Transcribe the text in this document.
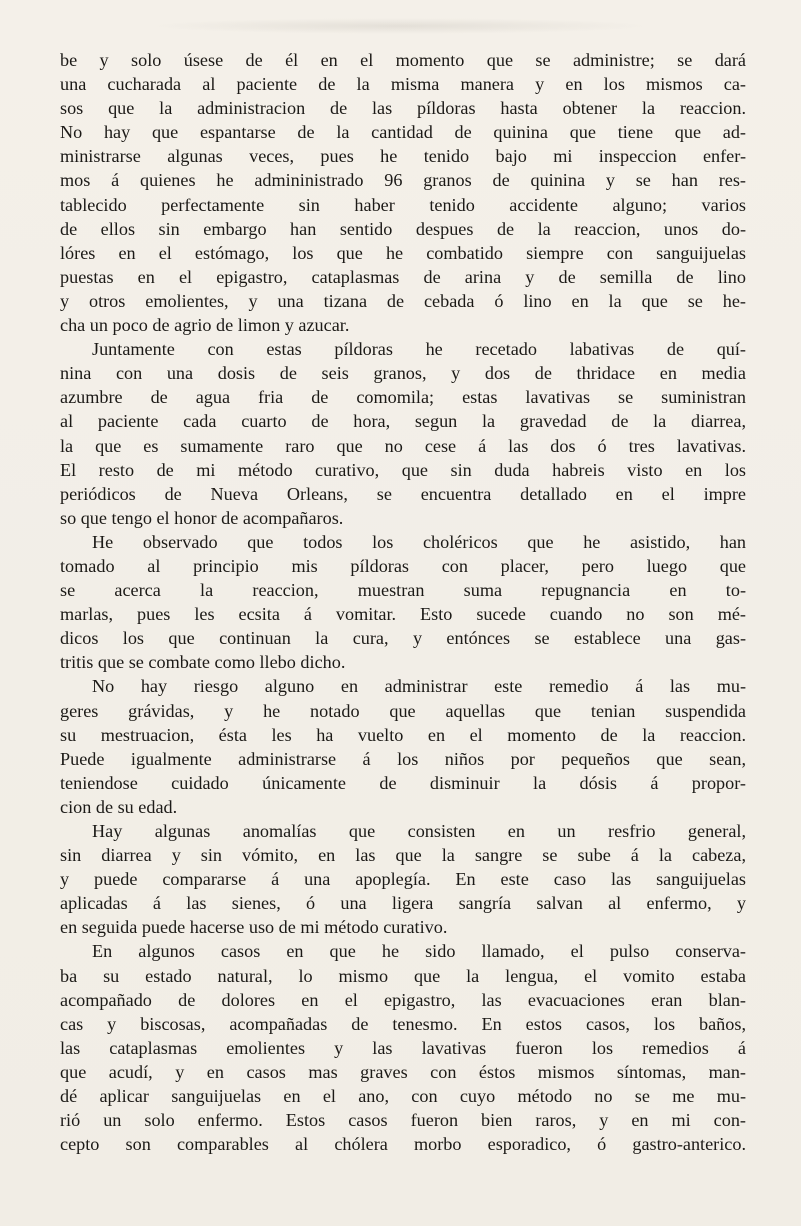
be y solo úsese de él en el momento que se administre; se dará
una cucharada al paciente de la misma manera y en los mismos ca-
sos que la administracion de las píldoras hasta obtener la reaccion.
No hay que espantarse de la cantidad de quinina que tiene que ad-
ministrarse algunas veces, pues he tenido bajo mi inspeccion enfer-
mos á quienes he admininistrado 96 granos de quinina y se han res-
tablecido perfectamente sin haber tenido accidente alguno; varios
de ellos sin embargo han sentido despues de la reaccion, unos do-
lóres en el estómago, los que he combatido siempre con sanguijuelas
puestas en el epigastro, cataplasmas de arina y de semilla de lino
y otros emolientes, y una tizana de cebada ó lino en la que se he-
cha un poco de agrio de limon y azucar.
Juntamente con estas píldoras he recetado labativas de quí-
nina con una dosis de seis granos, y dos de thridace en media
azumbre de agua fria de comomila; estas lavativas se suministran
al paciente cada cuarto de hora, segun la gravedad de la diarrea,
la que es sumamente raro que no cese á las dos ó tres lavativas.
El resto de mi método curativo, que sin duda habreis visto en los
periódicos de Nueva Orleans, se encuentra detallado en el impre
so que tengo el honor de acompañaros.
He observado que todos los choléricos que he asistido, han
tomado al principio mis píldoras con placer, pero luego que
se acerca la reaccion, muestran suma repugnancia en to-
marlas, pues les ecsita á vomitar. Esto sucede cuando no son mé-
dicos los que continuan la cura, y entónces se establece una gas-
tritis que se combate como llebo dicho.
No hay riesgo alguno en administrar este remedio á las mu-
geres grávidas, y he notado que aquellas que tenian suspendida
su mestruacion, ésta les ha vuelto en el momento de la reaccion.
Puede igualmente administrarse á los niños por pequeños que sean,
teniendose cuidado únicamente de disminuir la dósis á propor-
cion de su edad.
Hay algunas anomalías que consisten en un resfrio general,
sin diarrea y sin vómito, en las que la sangre se sube á la cabeza,
y puede compararse á una apoplegía. En este caso las sanguijuelas
aplicadas á las sienes, ó una ligera sangría salvan al enfermo, y
en seguida puede hacerse uso de mi método curativo.
En algunos casos en que he sido llamado, el pulso conserva-
ba su estado natural, lo mismo que la lengua, el vomito estaba
acompañado de dolores en el epigastro, las evacuaciones eran blan-
cas y biscosas, acompañadas de tenesmo. En estos casos, los baños,
las cataplasmas emolientes y las lavativas fueron los remedios á
que acudí, y en casos mas graves con éstos mismos síntomas, man-
dé aplicar sanguijuelas en el ano, con cuyo método no se me mu-
rió un solo enfermo. Estos casos fueron bien raros, y en mi con-
cepto son comparables al chólera morbo esporadico, ó gastro-anterico.
